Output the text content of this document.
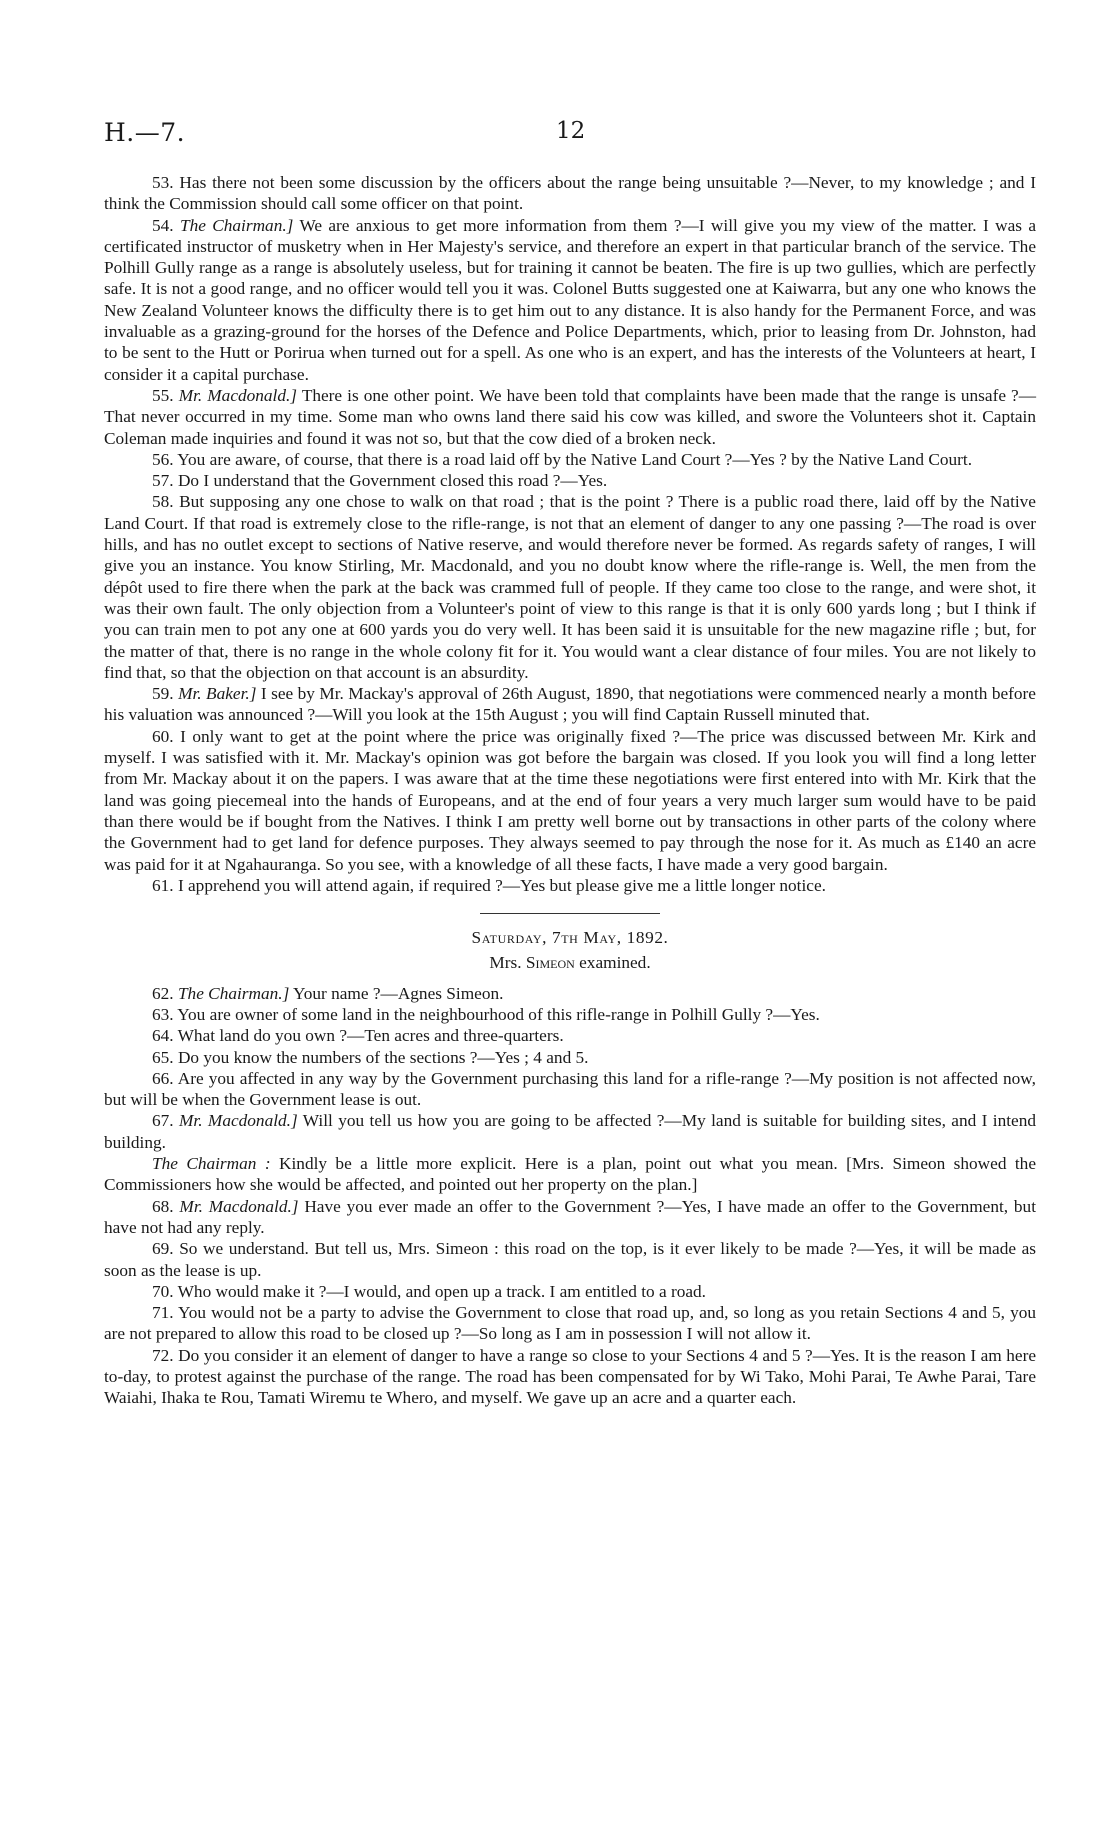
H.—7.	12

53. Has there not been some discussion by the officers about the range being unsuitable ?—Never, to my knowledge ; and I think the Commission should call some officer on that point.

54. The Chairman.] We are anxious to get more information from them ?—I will give you my view of the matter. I was a certificated instructor of musketry when in Her Majesty's service, and therefore an expert in that particular branch of the service. The Polhill Gully range as a range is absolutely useless, but for training it cannot be beaten. The fire is up two gullies, which are perfectly safe. It is not a good range, and no officer would tell you it was. Colonel Butts suggested one at Kaiwarra, but any one who knows the New Zealand Volunteer knows the difficulty there is to get him out to any distance. It is also handy for the Permanent Force, and was invaluable as a grazing-ground for the horses of the Defence and Police Departments, which, prior to leasing from Dr. Johnston, had to be sent to the Hutt or Porirua when turned out for a spell. As one who is an expert, and has the interests of the Volunteers at heart, I consider it a capital purchase.

55. Mr. Macdonald.] There is one other point. We have been told that complaints have been made that the range is unsafe ?—That never occurred in my time. Some man who owns land there said his cow was killed, and swore the Volunteers shot it. Captain Coleman made inquiries and found it was not so, but that the cow died of a broken neck.

56. You are aware, of course, that there is a road laid off by the Native Land Court ?—Yes ? by the Native Land Court.

57. Do I understand that the Government closed this road ?—Yes.

58. But supposing any one chose to walk on that road ; that is the point ? There is a public road there, laid off by the Native Land Court. If that road is extremely close to the rifle-range, is not that an element of danger to any one passing ?—The road is over hills, and has no outlet except to sections of Native reserve, and would therefore never be formed. As regards safety of ranges, I will give you an instance. You know Stirling, Mr. Macdonald, and you no doubt know where the rifle-range is. Well, the men from the dépôt used to fire there when the park at the back was crammed full of people. If they came too close to the range, and were shot, it was their own fault. The only objection from a Volunteer's point of view to this range is that it is only 600 yards long ; but I think if you can train men to pot any one at 600 yards you do very well. It has been said it is unsuitable for the new magazine rifle ; but, for the matter of that, there is no range in the whole colony fit for it. You would want a clear distance of four miles. You are not likely to find that, so that the objection on that account is an absurdity.

59. Mr. Baker.] I see by Mr. Mackay's approval of 26th August, 1890, that negotiations were commenced nearly a month before his valuation was announced ?—Will you look at the 15th August ; you will find Captain Russell minuted that.

60. I only want to get at the point where the price was originally fixed ?—The price was discussed between Mr. Kirk and myself. I was satisfied with it. Mr. Mackay's opinion was got before the bargain was closed. If you look you will find a long letter from Mr. Mackay about it on the papers. I was aware that at the time these negotiations were first entered into with Mr. Kirk that the land was going piecemeal into the hands of Europeans, and at the end of four years a very much larger sum would have to be paid than there would be if bought from the Natives. I think I am pretty well borne out by transactions in other parts of the colony where the Government had to get land for defence purposes. They always seemed to pay through the nose for it. As much as £140 an acre was paid for it at Ngahauranga. So you see, with a knowledge of all these facts, I have made a very good bargain.

61. I apprehend you will attend again, if required ?—Yes but please give me a little longer notice.

Saturday, 7th May, 1892.

Mrs. Simeon examined.

62. The Chairman.] Your name ?—Agnes Simeon.

63. You are owner of some land in the neighbourhood of this rifle-range in Polhill Gully ?—Yes.

64. What land do you own ?—Ten acres and three-quarters.

65. Do you know the numbers of the sections ?—Yes ; 4 and 5.

66. Are you affected in any way by the Government purchasing this land for a rifle-range ?—My position is not affected now, but will be when the Government lease is out.

67. Mr. Macdonald.] Will you tell us how you are going to be affected ?—My land is suitable for building sites, and I intend building.

The Chairman : Kindly be a little more explicit. Here is a plan, point out what you mean. [Mrs. Simeon showed the Commissioners how she would be affected, and pointed out her property on the plan.]

68. Mr. Macdonald.] Have you ever made an offer to the Government ?—Yes, I have made an offer to the Government, but have not had any reply.

69. So we understand. But tell us, Mrs. Simeon : this road on the top, is it ever likely to be made ?—Yes, it will be made as soon as the lease is up.

70. Who would make it ?—I would, and open up a track. I am entitled to a road.

71. You would not be a party to advise the Government to close that road up, and, so long as you retain Sections 4 and 5, you are not prepared to allow this road to be closed up ?—So long as I am in possession I will not allow it.

72. Do you consider it an element of danger to have a range so close to your Sections 4 and 5 ?—Yes. It is the reason I am here to-day, to protest against the purchase of the range. The road has been compensated for by Wi Tako, Mohi Parai, Te Awhe Parai, Tare Waiahi, Ihaka te Rou, Tamati Wiremu te Whero, and myself. We gave up an acre and a quarter each.
